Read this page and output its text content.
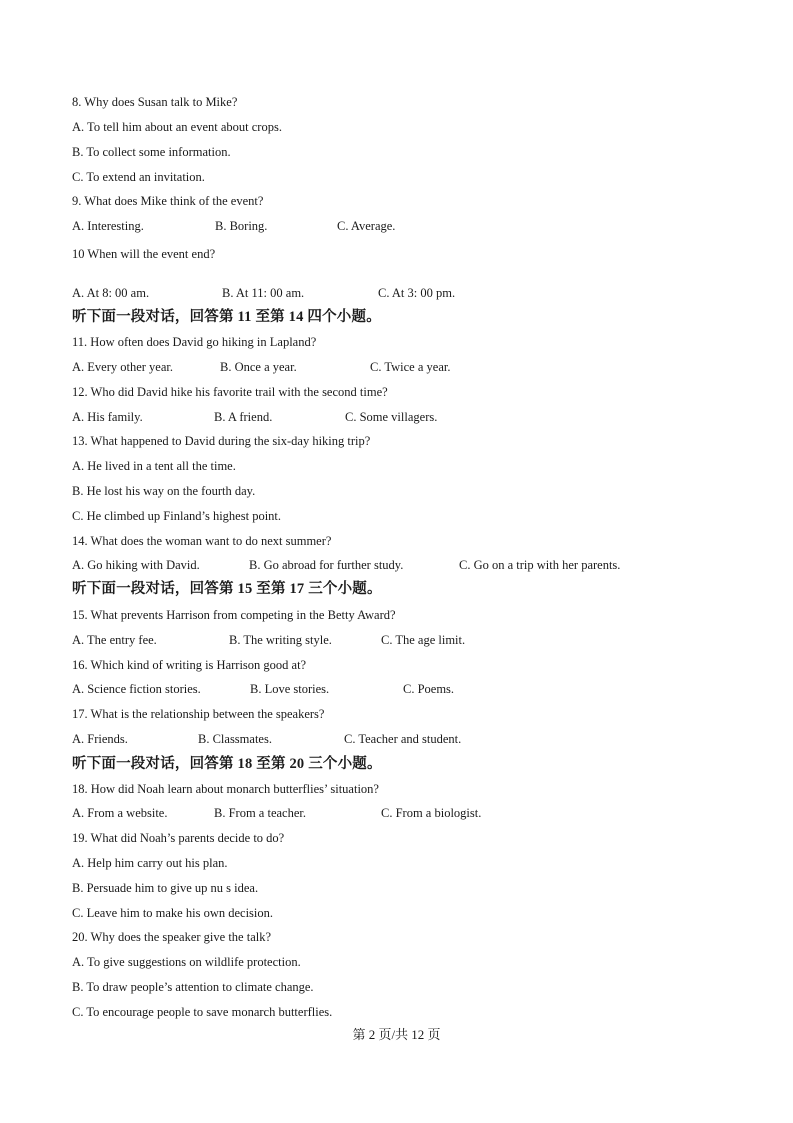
8. Why does Susan talk to Mike?
A. To tell him about an event about crops.
B. To collect some information.
C. To extend an invitation.
9. What does Mike think of the event?
A. Interesting.	B. Boring.	C. Average.
10 When will the event end?
A. At 8: 00 am.	B. At 11: 00 am.	C. At 3: 00 pm.
听下面一段对话，回答第 11 至第 14 四个小题。
11. How often does David go hiking in Lapland?
A. Every other year.	B. Once a year.	C. Twice a year.
12. Who did David hike his favorite trail with the second time?
A. His family.	B. A friend.	C. Some villagers.
13. What happened to David during the six-day hiking trip?
A. He lived in a tent all the time.
B. He lost his way on the fourth day.
C. He climbed up Finland’s highest point.
14. What does the woman want to do next summer?
A. Go hiking with David.	B. Go abroad for further study.	C. Go on a trip with her parents.
听下面一段对话，回答第 15 至第 17 三个小题。
15. What prevents Harrison from competing in the Betty Award?
A. The entry fee.	B. The writing style.	C. The age limit.
16. Which kind of writing is Harrison good at?
A. Science fiction stories.	B. Love stories.	C. Poems.
17. What is the relationship between the speakers?
A. Friends.	B. Classmates.	C. Teacher and student.
听下面一段对话，回答第 18 至第 20 三个小题。
18. How did Noah learn about monarch butterflies’ situation?
A. From a website.	B. From a teacher.	C. From a biologist.
19. What did Noah’s parents decide to do?
A. Help him carry out his plan.
B. Persuade him to give up nu s idea.
C. Leave him to make his own decision.
20. Why does the speaker give the talk?
A. To give suggestions on wildlife protection.
B. To draw people’s attention to climate change.
C. To encourage people to save monarch butterflies.
第 2 页/共 12 页
